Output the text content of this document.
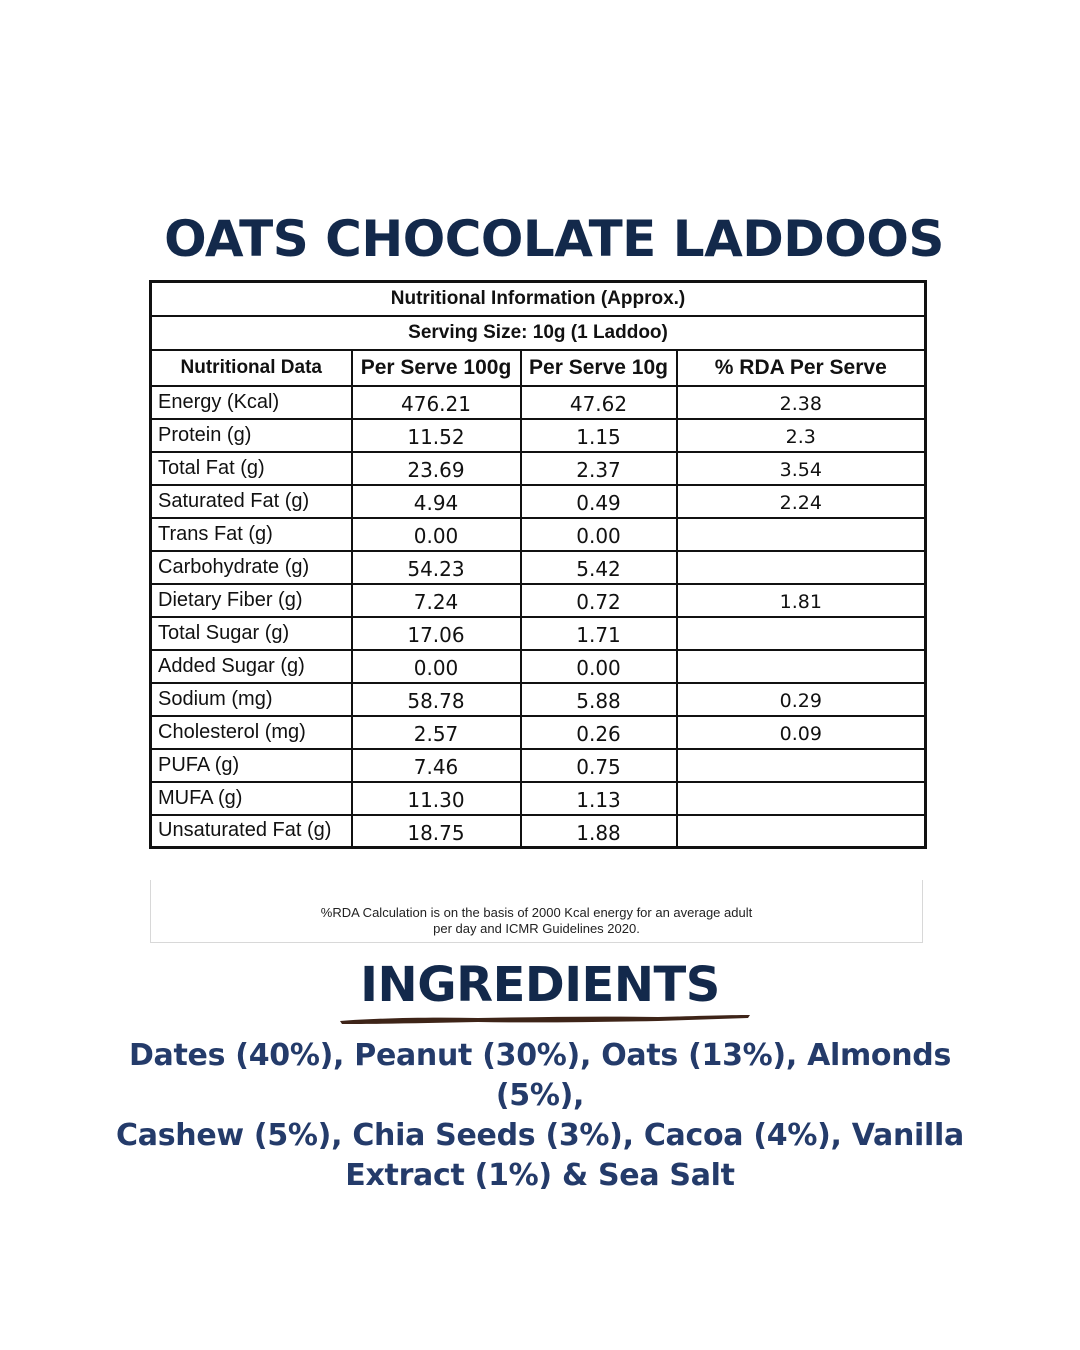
OATS CHOCOLATE LADDOOS
Nutritional Information (Approx.)			
Serving Size: 10g (1 Laddoo)			
Nutritional Data	Per Serve 100g	Per Serve 10g	% RDA Per Serve
Energy (Kcal)	476.21	47.62	2.38
Protein (g)	11.52	1.15	2.3
Total Fat (g)	23.69	2.37	3.54
Saturated Fat (g)	4.94	0.49	2.24
Trans Fat (g)	0.00	0.00	
Carbohydrate (g)	54.23	5.42	
Dietary Fiber (g)	7.24	0.72	1.81
Total Sugar (g)	17.06	1.71	
Added Sugar (g)	0.00	0.00	
Sodium (mg)	58.78	5.88	0.29
Cholesterol (mg)	2.57	0.26	0.09
PUFA (g)	7.46	0.75	
MUFA (g)	11.30	1.13	
Unsaturated Fat (g)	18.75	1.88	
%RDA Calculation is on the basis of 2000 Kcal energy for an average adult
per day and ICMR Guidelines 2020.
INGREDIENTS
Dates (40%), Peanut (30%), Oats (13%), Almonds (5%),
Cashew (5%), Chia Seeds (3%), Cacoa (4%), Vanilla
Extract (1%) & Sea Salt
